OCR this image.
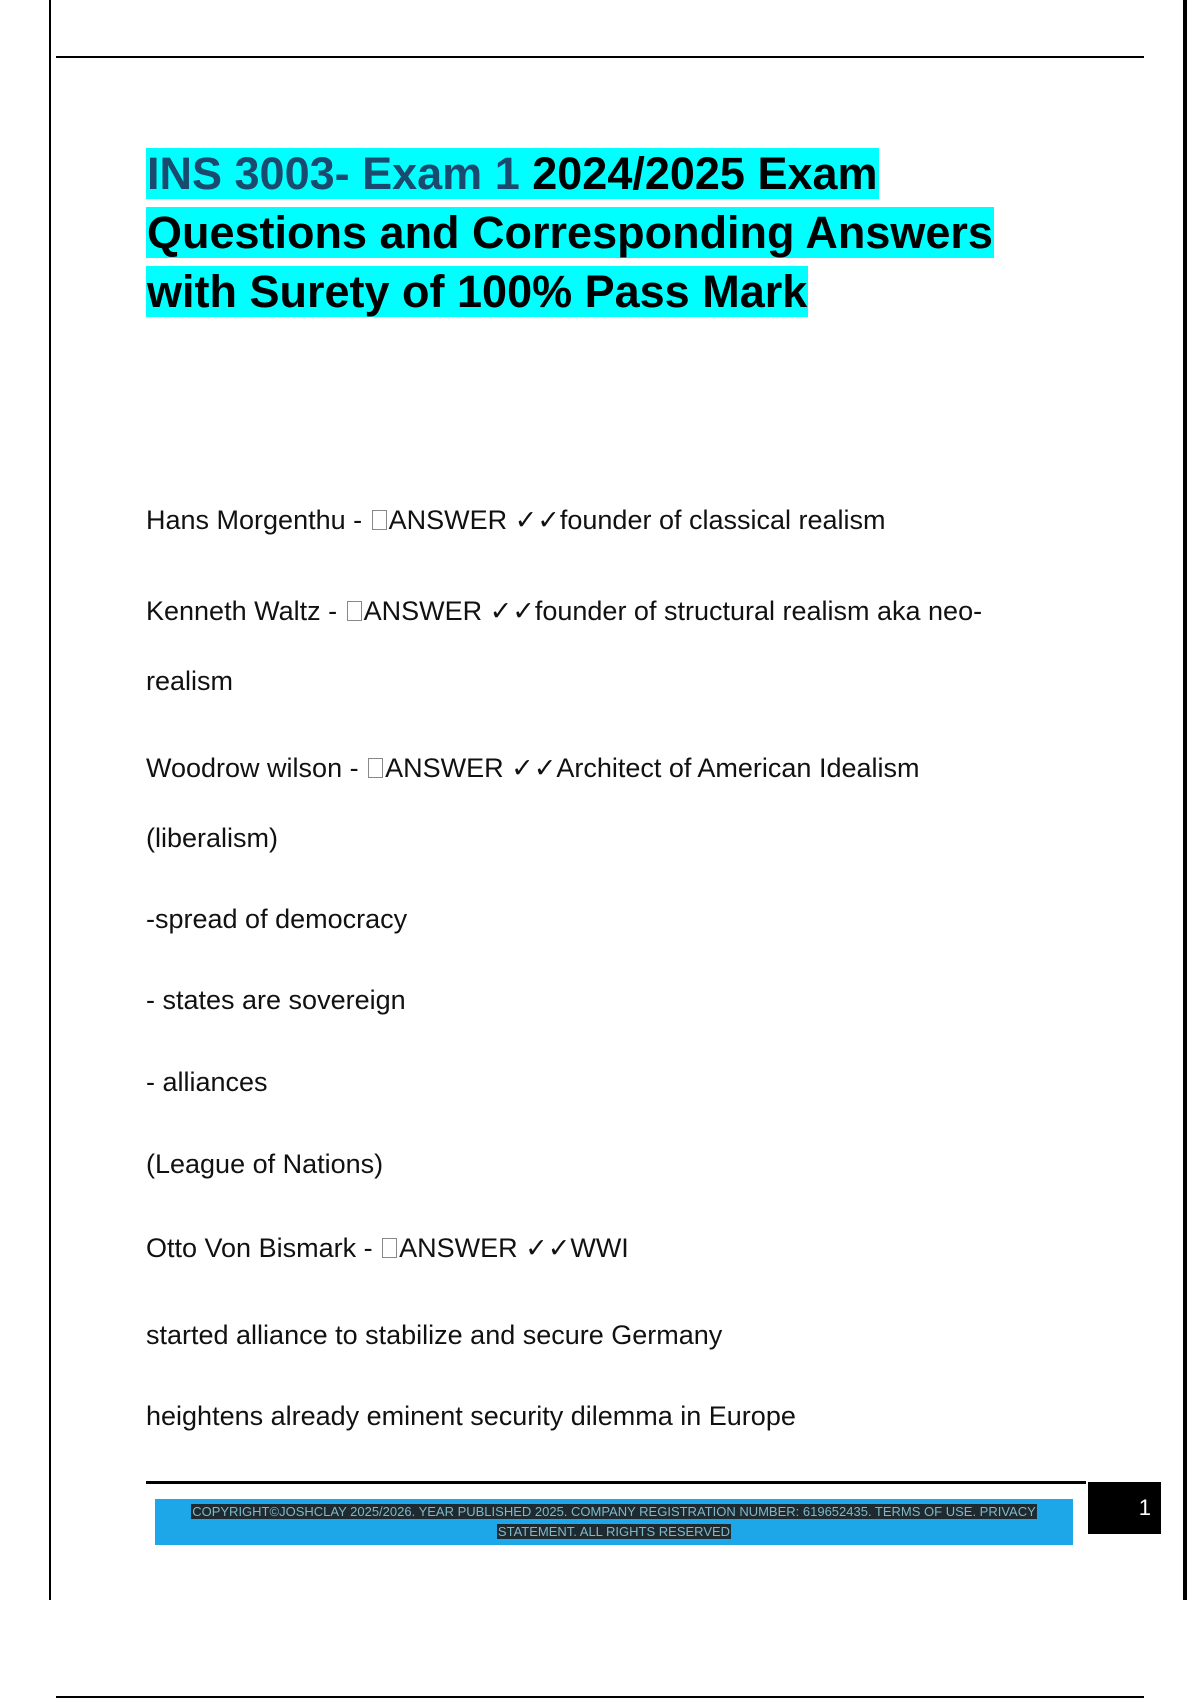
INS 3003- Exam 1 2024/2025 Exam
Questions and Corresponding Answers
with Surety of 100% Pass Mark

Hans Morgenthu - ANSWER ✓✓founder of classical realism

Kenneth Waltz - ANSWER ✓✓founder of structural realism aka neo-

realism

Woodrow wilson - ANSWER ✓✓Architect of American Idealism

(liberalism)

-spread of democracy

- states are sovereign

- alliances

(League of Nations)

Otto Von Bismark - ANSWER ✓✓WWI

started alliance to stabilize and secure Germany

heightens already eminent security dilemma in Europe

COPYRIGHT©JOSHCLAY 2025/2026. YEAR PUBLISHED 2025. COMPANY REGISTRATION NUMBER: 619652435. TERMS OF USE. PRIVACY
STATEMENT. ALL RIGHTS RESERVED
1
